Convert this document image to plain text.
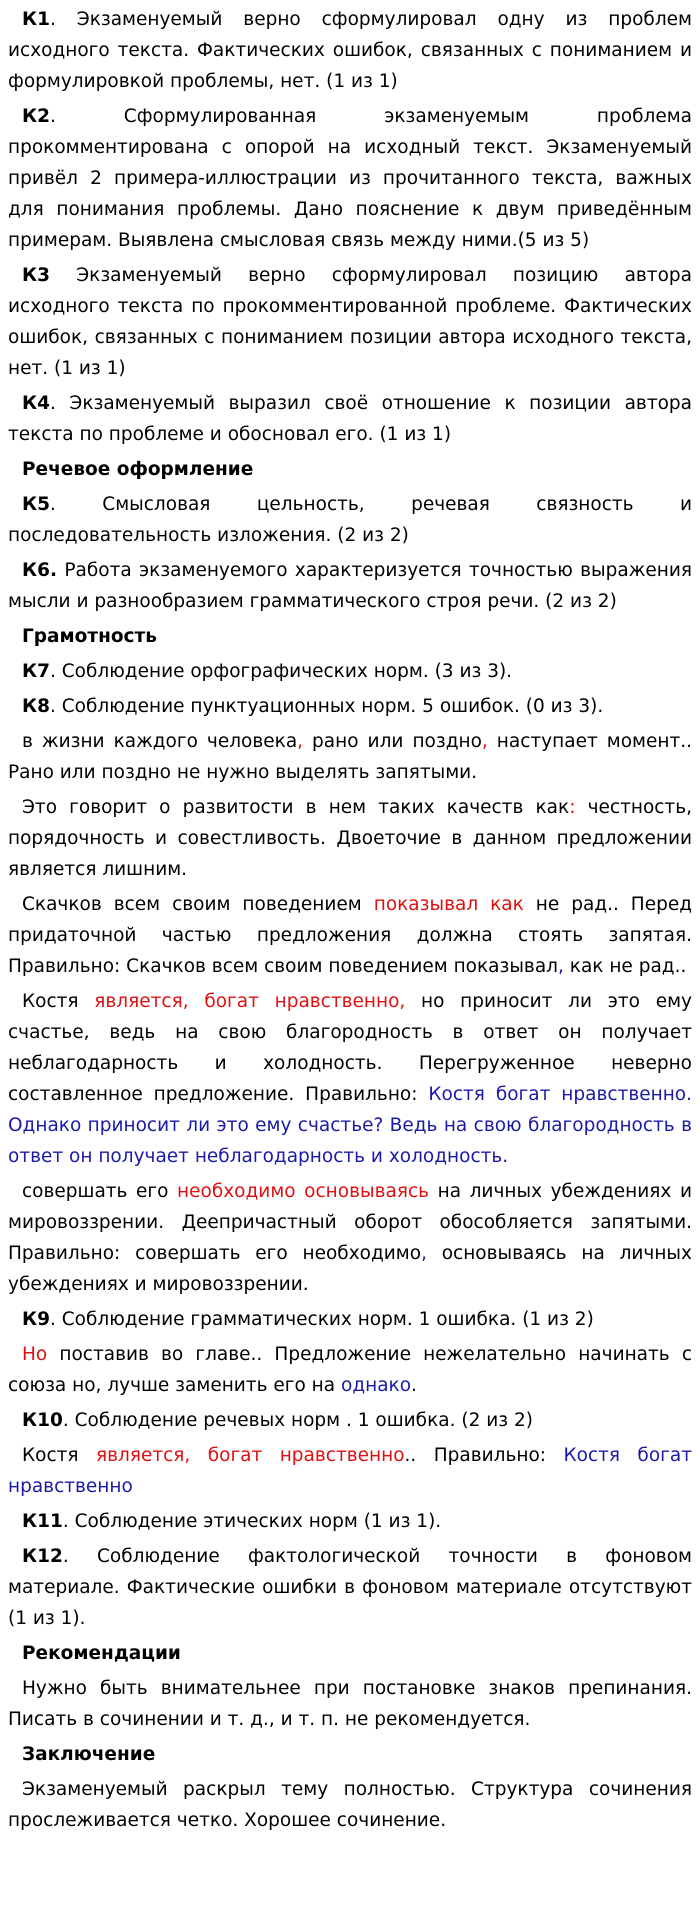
К1. Экзаменуемый верно сформулировал одну из проблем исходного текста. Фактических ошибок, связанных с пониманием и формулировкой проблемы, нет. (1 из 1)

К2. Сформулированная экзаменуемым проблема прокомментирована с опорой на исходный текст. Экзаменуемый привёл 2 примера-иллюстрации из прочитанного текста, важных для понимания проблемы. Дано пояснение к двум приведённым примерам. Выявлена смысловая связь между ними.(5 из 5)

К3 Экзаменуемый верно сформулировал позицию автора исходного текста по прокомментированной проблеме. Фактических ошибок, связанных с пониманием позиции автора исходного текста, нет. (1 из 1)

К4. Экзаменуемый выразил своё отношение к позиции автора текста по проблеме и обосновал его. (1 из 1)

Речевое оформление

К5. Смысловая цельность, речевая связность и последовательность изложения. (2 из 2)

К6. Работа экзаменуемого характеризуется точностью выражения мысли и разнообразием грамматического строя речи. (2 из 2)

Грамотность

К7. Соблюдение орфографических норм. (3 из 3).

К8. Соблюдение пунктуационных норм. 5 ошибок. (0 из 3).

в жизни каждого человека, рано или поздно, наступает момент.. Рано или поздно не нужно выделять запятыми.

Это говорит о развитости в нем таких качеств как: честность, порядочность и совестливость. Двоеточие в данном предложении является лишним.

Скачков всем своим поведением показывал как не рад.. Перед придаточной частью предложения должна стоять запятая. Правильно: Скачков всем своим поведением показывал, как не рад..

Костя является, богат нравственно, но приносит ли это ему счастье, ведь на свою благородность в ответ он получает неблагодарность и холодность. Перегруженное неверно составленное предложение. Правильно: Костя богат нравственно. Однако приносит ли это ему счастье? Ведь на свою благородность в ответ он получает неблагодарность и холодность.

совершать его необходимо основываясь на личных убеждениях и мировоззрении. Деепричастный оборот обособляется запятыми. Правильно: совершать его необходимо, основываясь на личных убеждениях и мировоззрении.

К9. Соблюдение грамматических норм. 1 ошибка. (1 из 2)

Но поставив во главе.. Предложение нежелательно начинать с союза но, лучше заменить его на однако.

К10. Соблюдение речевых норм . 1 ошибка. (2 из 2)

Костя является, богат нравственно.. Правильно: Костя богат нравственно

К11. Соблюдение этических норм (1 из 1).

К12. Соблюдение фактологической точности в фоновом материале. Фактические ошибки в фоновом материале отсутствуют (1 из 1).

Рекомендации

Нужно быть внимательнее при постановке знаков препинания. Писать в сочинении и т. д., и т. п. не рекомендуется.

Заключение

Экзаменуемый раскрыл тему полностью. Структура сочинения прослеживается четко. Хорошее сочинение.
